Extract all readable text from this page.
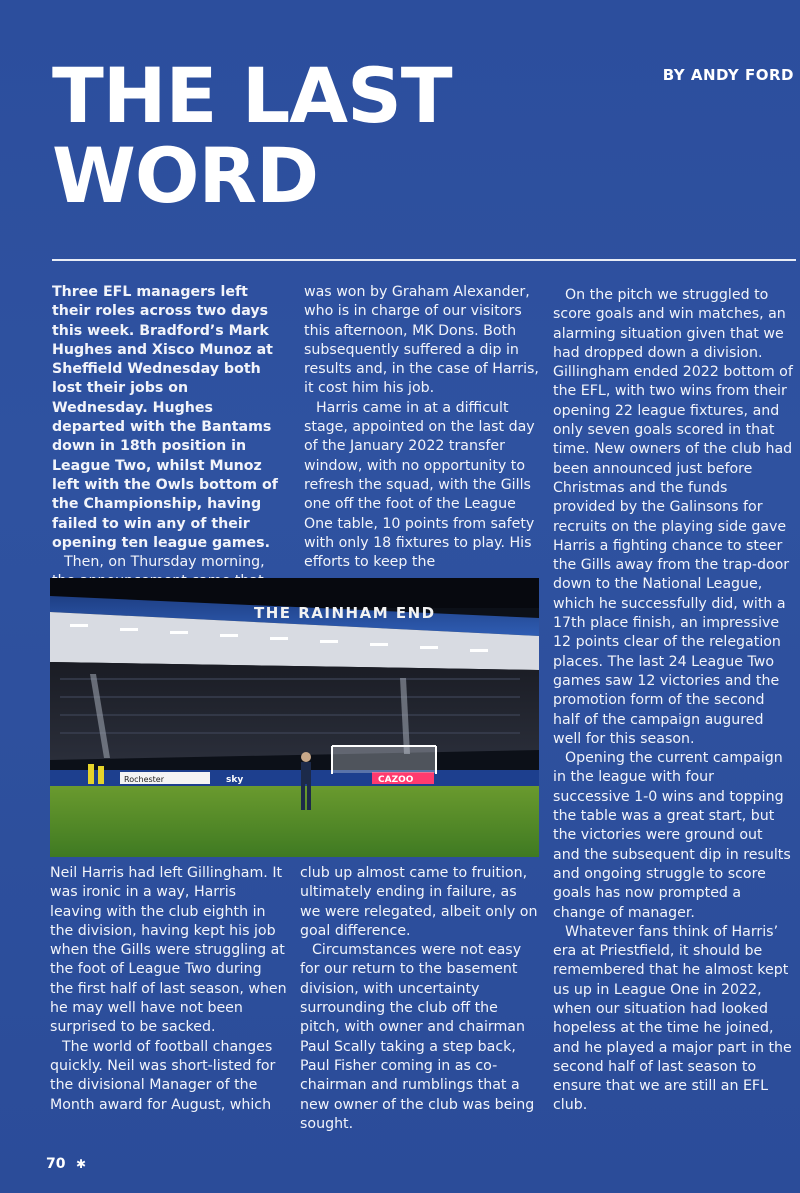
THE LAST
WORD
BY ANDY FORD

Three EFL managers left their roles across two days this week. Bradford’s Mark Hughes and Xisco Munoz at Sheffield Wednesday both lost their jobs on Wednesday. Hughes departed with the Bantams down in 18th position in League Two, whilst Munoz left with the Owls bottom of the Championship, having failed to win any of their opening ten league games.

Then, on Thursday morning,

was won by Graham Alexander, who is in charge of our visitors this afternoon, MK Dons. Both subsequently suffered a dip in results and, in the case of Harris, it cost him his job.

Harris came in at a difficult stage, appointed on the last day of the January 2022 transfer window, with no opportunity to refresh the squad, with the Gills one off the foot of the League One table, 10 points from safety with only 18 fixtures to play. His efforts to keep the

On the pitch we struggled to score goals and win matches, an alarming situation given that we had dropped down a division. Gillingham ended 2022 bottom of the EFL, with two wins from their opening 22 league fixtures, and only seven goals scored in that time. New owners of the club had been announced just before Christmas and the funds provided by the Galinsons for recruits on the playing side gave Harris a fighting chance to steer the Gills away from the trap-door down to the National League, which he successfully did, with a 17th place finish, an impressive 12 points clear of the relegation places. The last 24 League Two games saw 12 victories and the promotion form of the second half of the campaign augured well for this season.

Opening the current campaign in the league with four successive 1-0 wins and topping the table was a great start, but the victories were ground out and the subsequent dip in results and ongoing struggle to score goals has now prompted a change of manager.

Whatever fans think of Harris’ era at Priestfield, it should be remembered that he almost kept us up in League One in 2022, when our situation had looked hopeless at the time he joined, and he played a major part in the second half of last season to ensure that we are still an EFL club.

THE RAINHAM END
Rochester	sky	CAZOO

Neil Harris had left Gillingham. It was ironic in a way, Harris leaving with the club eighth in the division, having kept his job when the Gills were struggling at the foot of League Two during the first half of last season, when he may well have not been surprised to be sacked.

The world of football changes quickly. Neil was short-listed for the divisional Manager of the Month award for August, which

club up almost came to fruition, ultimately ending in failure, as we were relegated, albeit only on goal difference.

Circumstances were not easy for our return to the basement division, with uncertainty surrounding the club off the pitch, with owner and chairman Paul Scally taking a step back, Paul Fisher coming in as co-chairman and rumblings that a new owner of the club was being sought.

70 ✱
